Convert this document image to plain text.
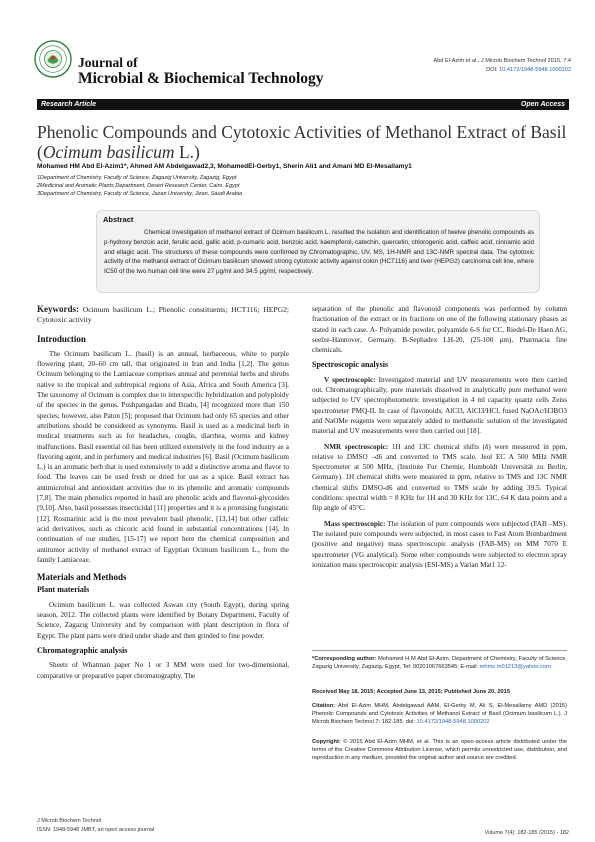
Journal of
Microbial & Biochemical Technology
Abd El-Azim et al., J Microb Biochem Technol 2015, 7:4
DOI: 10.4172/1948-5948.1000202
Research Article	Open Access
Phenolic Compounds and Cytotoxic Activities of Methanol Extract of Basil
(Ocimum basilicum L.)
Mohamed HM Abd El-Azim1*, Ahmed AM Abdelgawad2,3, MohamedEl-Gerby1, Sherin Ali1 and Amani MD El-Mesallamy1
1Department of Chemistry, Faculty of Science, Zagazig University, Zagazig, Egypt
2Medicinal and Aromatic Plants Department, Desert Research Center, Cairo, Egypt
3Department of Chemistry, Faculty of Science, Jazan University, Jizan, Saudi Arabia
Abstract

Chemical investigation of methanol extract of Ocimum basilicum L. resulted the isolation and identification of twelve phenolic compounds as p-hydroxy benzoic acid, ferulic acid, gallic acid, p-cumaric acid, benzoic acid, kaempferol, catechin, quercetin, chlorogenic acid, caffeic acid, cinnamic acid and ellagic acid. The structures of these compounds were confirmed by Chromatographic, UV, MS, 1H-NMR and 13C-NMR spectral data. The cytotoxic activity of the methanol extract of Ocimum basilicum showed strong cytotoxic activity against colon (HCT116) and liver (HEPG2) carcinoma cell line, where IC50 of the two human cell line were 27 μg/ml and 34.5 μg/ml, respectively.

Keywords: Ocimum basilicum L.; Phenolic constituents; HCT116; HEPG2; Cytotoxic activity

Introduction

The Ocimum basilicum L. (basil) is an annual, herbaceous, white to purple flowering plant, 20–60 cm tall, that originated in Iran and India [1,2]. The genus Ocimum belonging to the Lamiaceae comprises annual and perennial herbs and shrubs native to the tropical and subtropical regions of Asia, Africa and South America [3]. The taxonomy of Ocimum is complex due to interspecific hybridization and polyploidy of the species in the genus. Pushpangadan and Bradu, [4] recognized more than 150 species; however, also Paton [5]; proposed that Ocimum had only 65 species and other attributions should be considered as synonyms. Basil is used as a medicinal herb in medical treatments such as for headaches, coughs, diarrhea, worms and kidney malfunctions. Basil essential oil has been utilized extensively in the food industry as a flavoring agent, and in perfumery and medical industries [6]. Basil (Ocimum basilicum L.) is an aromatic herb that is used extensively to add a distinctive aroma and flavor to food. The leaves can be used fresh or dried for use as a spice. Basil extract has antimicrobial and antioxidant activities due to its phenolic and aromatic compounds [7,8]. The main phenolics reported in basil are phenolic acids and flavonol-glycosides [9,10]. Also, basil possesses insecticidal [11] properties and it is a promising fungistatic [12]. Rosmarinic acid is the most prevalent basil phenolic, [13,14] but other caffeic acid derivatives, such as chicoric acid found in substantial concentrations [14]. In continuation of our studies, [15-17] we report here the chemical composition and antitumor activity of methanol extract of Egyptian Ocimum basilicum L., from the family Lamiaceae.

Materials and Methods
Plant materials

Ocimum basilicum L. was collected Aswan city (South Egypt), during spring season, 2012. The collected plants were identified by Botany Department, Faculty of Science, Zagazig University and by comparison with plant description in flora of Egypt. The plant parts were dried under shade and then grinded to fine powder.

Chromatographic analysis

Sheets of Whatman paper No 1 or 3 MM were used for two-dimensional, comparative or preparative paper chromatography. The

separation of the phenolic and flavonoid components was performed by column fractionation of the extract or its fractions on one of the following stationary phases as stated in each case. A- Polyamide powder, polyamide 6-S for CC, Riedel-De Haen AG, seelze-Hannover, Germany. B-Sephadex LH-20, (25-100 μm), Pharmacia fine chemicals.

Spectroscopic analysis

V spectroscopic: Investigated material and UV measurements were then carried out. Chromatographically, pure materials dissolved in analytically pure methanol were subjected to UV spectrophotometric investigation in 4 ml capacity quartz cells Zeiss spectrometer PMQ-II. In case of flavonoids, AlCl3, AlCl3/HCl, fused NaOAc/H3BO3 and NaOMe reagents were separately added to methanolic solution of the investigated material and UV measurements were then carried out [18].

NMR spectroscopic: 1H and 13C chemical shifts (δ) were measured in ppm, relative to DMSO –d6 and converted to TMS scale. Jeol EC A 500 MHz NMR Spectrometer at 500 MHz, (Institute Fur Chemie, Humboldt Universität zu Berlin, Germany). 1H chemical shifts were measured in ppm, relative to TMS and 13C NMR chemical shifts DMSO-d6 and converted to TMS scale by adding 39.5. Typical conditions: spectral width = 8 KHz for 1H and 30 KHz for 13C, 64 K data points and a flip angle of 45°C.

Mass spectroscopic: The isolation of pure compounds were subjected (FAB –MS). The isolated pure compounds were subjected, in most cases to Fast Atom Bombardment (positive and negative) mass spectroscopic analysis (FAB-MS) on MM 7070 E spectrometer (VG analytical). Some other compounds were subjected to electron spray ionization mass spectroscopic analysis (ESI-MS) a Varian Mat1 12-

*Corresponding author: Mohamed H M Abd El-Azim, Department of Chemistry, Faculty of Science, Zagazig University, Zagazig, Egypt, Tel: 00201067663545; E-mail: mhms m01213@yahoo.com
Received May 18, 2015; Accepted June 13, 2015; Published June 20, 2015
Citation: Abd El-Azim MHM, Abdelgawad AAM, El-Gerby M, Ali S, El-Mesallamy AMD (2015) Phenolic Compounds and Cytotoxic Activities of Methanol Extract of Basil (Ocimum basilicum L.). J Microb Biochem Technol 7: 182-185. doi: 10.4172/1948-5948.1000202
Copyright: © 2015 Abd El-Azim MHM, et al. This is an open-access article distributed under the terms of the Creative Commons Attribution License, which permits unrestricted use, distribution, and reproduction in any medium, provided the original author and source are credited.
J Microb Biochem Technol
ISSN: 1948-5948 JMBT, an open access journal	Volume 7(4): 182-185 (2015) - 182
